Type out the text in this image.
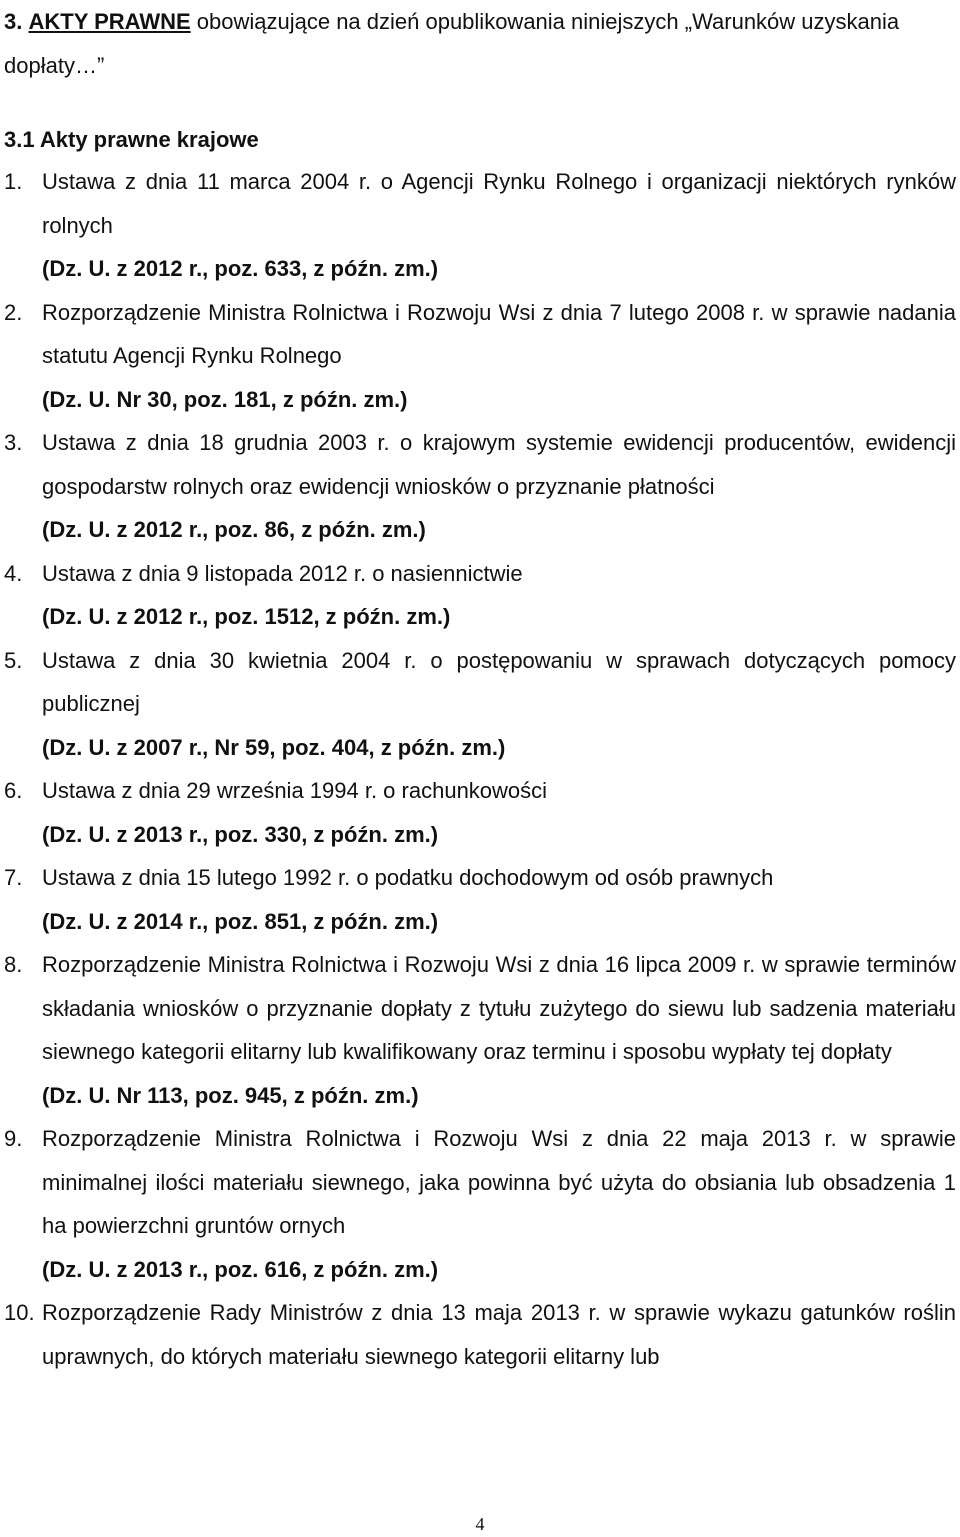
3. AKTY PRAWNE obowiązujące na dzień opublikowania niniejszych „Warunków uzyskania dopłaty…”
3.1 Akty prawne krajowe
1. Ustawa z dnia 11 marca 2004 r. o Agencji Rynku Rolnego i organizacji niektórych rynków rolnych
(Dz. U. z 2012 r., poz. 633, z późn. zm.)
2. Rozporządzenie Ministra Rolnictwa i Rozwoju Wsi z dnia 7 lutego 2008 r. w sprawie nadania statutu Agencji Rynku Rolnego
(Dz. U. Nr 30, poz. 181, z późn. zm.)
3. Ustawa z dnia 18 grudnia 2003 r. o krajowym systemie ewidencji producentów, ewidencji gospodarstw rolnych oraz ewidencji wniosków o przyznanie płatności
(Dz. U. z 2012 r., poz. 86, z późn. zm.)
4. Ustawa z dnia 9 listopada 2012 r. o nasiennictwie
(Dz. U. z 2012 r., poz. 1512, z późn. zm.)
5. Ustawa z dnia 30 kwietnia 2004 r. o postępowaniu w sprawach dotyczących pomocy publicznej
(Dz. U. z 2007 r., Nr 59, poz. 404, z późn. zm.)
6. Ustawa z dnia 29 września 1994 r. o rachunkowości
(Dz. U. z 2013 r., poz. 330, z późn. zm.)
7. Ustawa z dnia 15 lutego 1992 r. o podatku dochodowym od osób prawnych
(Dz. U. z 2014 r., poz. 851, z późn. zm.)
8. Rozporządzenie Ministra Rolnictwa i Rozwoju Wsi z dnia 16 lipca 2009 r. w sprawie terminów składania wniosków o przyznanie dopłaty z tytułu zużytego do siewu lub sadzenia materiału siewnego kategorii elitarny lub kwalifikowany oraz terminu i sposobu wypłaty tej dopłaty
(Dz. U. Nr 113, poz. 945, z późn. zm.)
9. Rozporządzenie Ministra Rolnictwa i Rozwoju Wsi z dnia 22 maja 2013 r. w sprawie minimalnej ilości materiału siewnego, jaka powinna być użyta do obsiania lub obsadzenia 1 ha powierzchni gruntów ornych
(Dz. U. z 2013 r., poz. 616, z późn. zm.)
10. Rozporządzenie Rady Ministrów z dnia 13 maja 2013 r. w sprawie wykazu gatunków roślin uprawnych, do których materiału siewnego kategorii elitarny lub
4
